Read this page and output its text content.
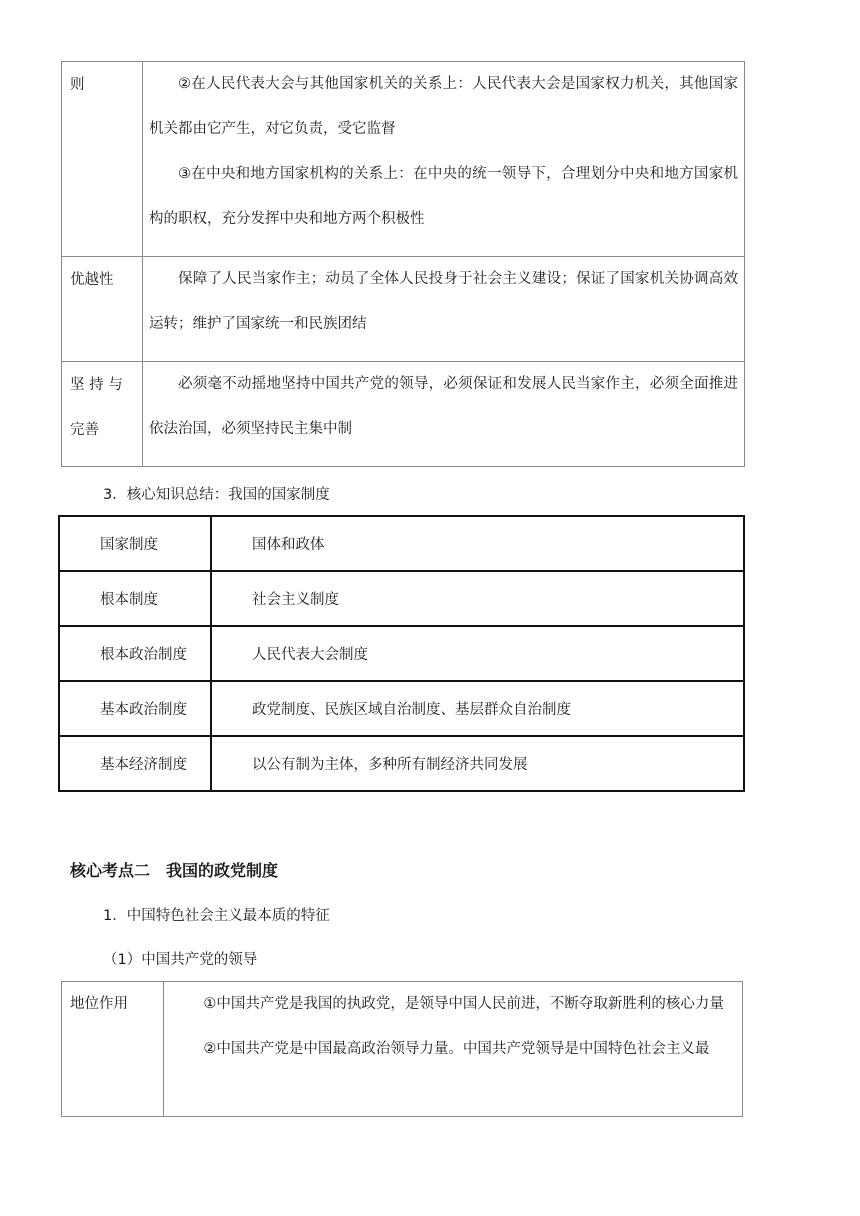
则	②在人民代表大会与其他国家机关的关系上：人民代表大会是国家权力机关，其他国家机关都由它产生，对它负责，受它监督
③在中央和地方国家机构的关系上：在中央的统一领导下，合理划分中央和地方国家机构的职权，充分发挥中央和地方两个积极性

优越性	保障了人民当家作主；动员了全体人民投身于社会主义建设；保证了国家机关协调高效运转；维护了国家统一和民族团结

坚 持 与
完善	必须毫不动摇地坚持中国共产党的领导，必须保证和发展人民当家作主，必须全面推进依法治国，必须坚持民主集中制
3．核心知识总结：我国的国家制度
国家制度	国体和政体
根本制度	社会主义制度
根本政治制度	人民代表大会制度
基本政治制度	政党制度、民族区域自治制度、基层群众自治制度
基本经济制度	以公有制为主体，多种所有制经济共同发展
核心考点二　我国的政党制度
1．中国特色社会主义最本质的特征
（1）中国共产党的领导
地位作用	①中国共产党是我国的执政党，是领导中国人民前进，不断夺取新胜利的核心力量
②中国共产党是中国最高政治领导力量。中国共产党领导是中国特色社会主义最
